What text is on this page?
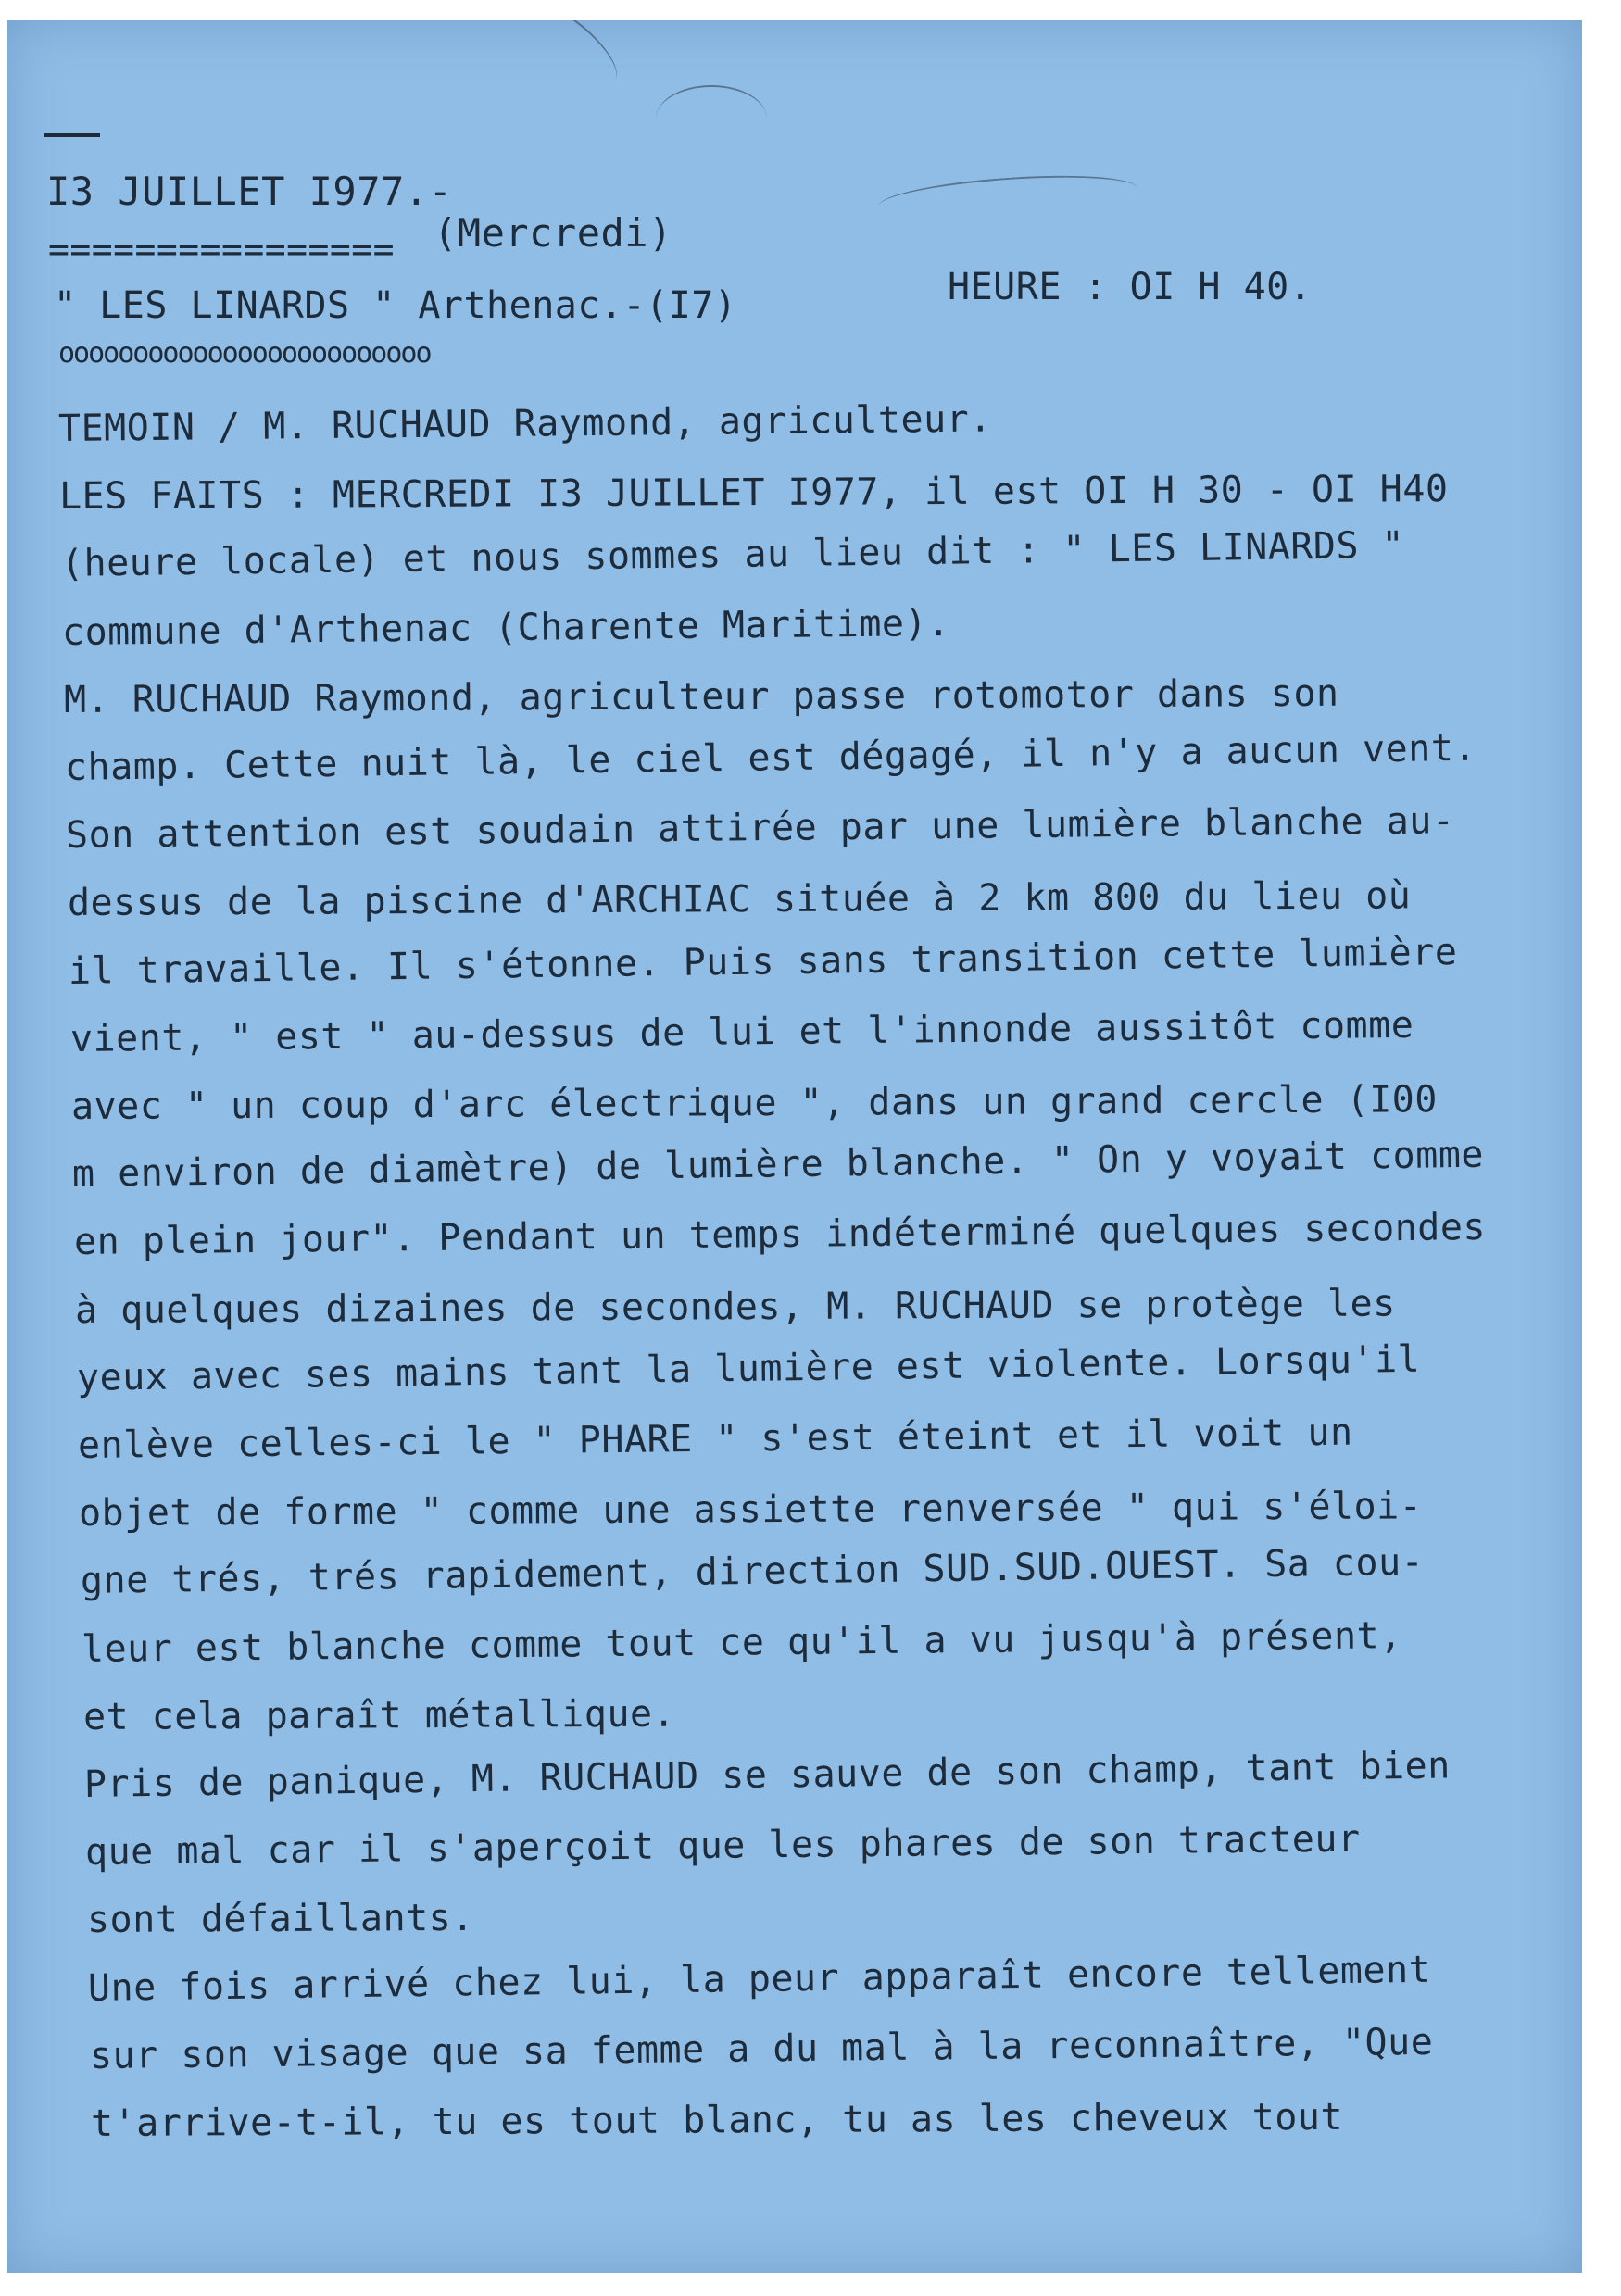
I3 JUILLET I977.-
================ (Mercredi)
" LES LINARDS " Arthenac.-(I7)	HEURE : OI H 40.
ooooooooooooooooooooooooo
TEMOIN / M. RUCHAUD Raymond, agriculteur.
LES FAITS : MERCREDI I3 JUILLET I977, il est OI H 30 - OI H40
(heure locale) et nous sommes au lieu dit : " LES LINARDS "
commune d'Arthenac (Charente Maritime).
M. RUCHAUD Raymond, agriculteur passe rotomotor dans son
champ. Cette nuit là, le ciel est dégagé, il n'y a aucun vent.
Son attention est soudain attirée par une lumière blanche au-
dessus de la piscine d'ARCHIAC située à 2 km 800 du lieu où
il travaille. Il s'étonne. Puis sans transition cette lumière
vient, " est " au-dessus de lui et l'innonde aussitôt comme
avec " un coup d'arc électrique ", dans un grand cercle (I00
m environ de diamètre) de lumière blanche. " On y voyait comme
en plein jour". Pendant un temps indéterminé quelques secondes
à quelques dizaines de secondes, M. RUCHAUD se protège les
yeux avec ses mains tant la lumière est violente. Lorsqu'il
enlève celles-ci le " PHARE " s'est éteint et il voit un
objet de forme " comme une assiette renversée " qui s'éloi-
gne trés, trés rapidement, direction SUD.SUD.OUEST. Sa cou-
leur est blanche comme tout ce qu'il a vu jusqu'à présent,
et cela paraît métallique.
Pris de panique, M. RUCHAUD se sauve de son champ, tant bien
que mal car il s'aperçoit que les phares de son tracteur
sont défaillants.
Une fois arrivé chez lui, la peur apparaît encore tellement
sur son visage que sa femme a du mal à la reconnaître, "Que
t'arrive-t-il, tu es tout blanc, tu as les cheveux tout
